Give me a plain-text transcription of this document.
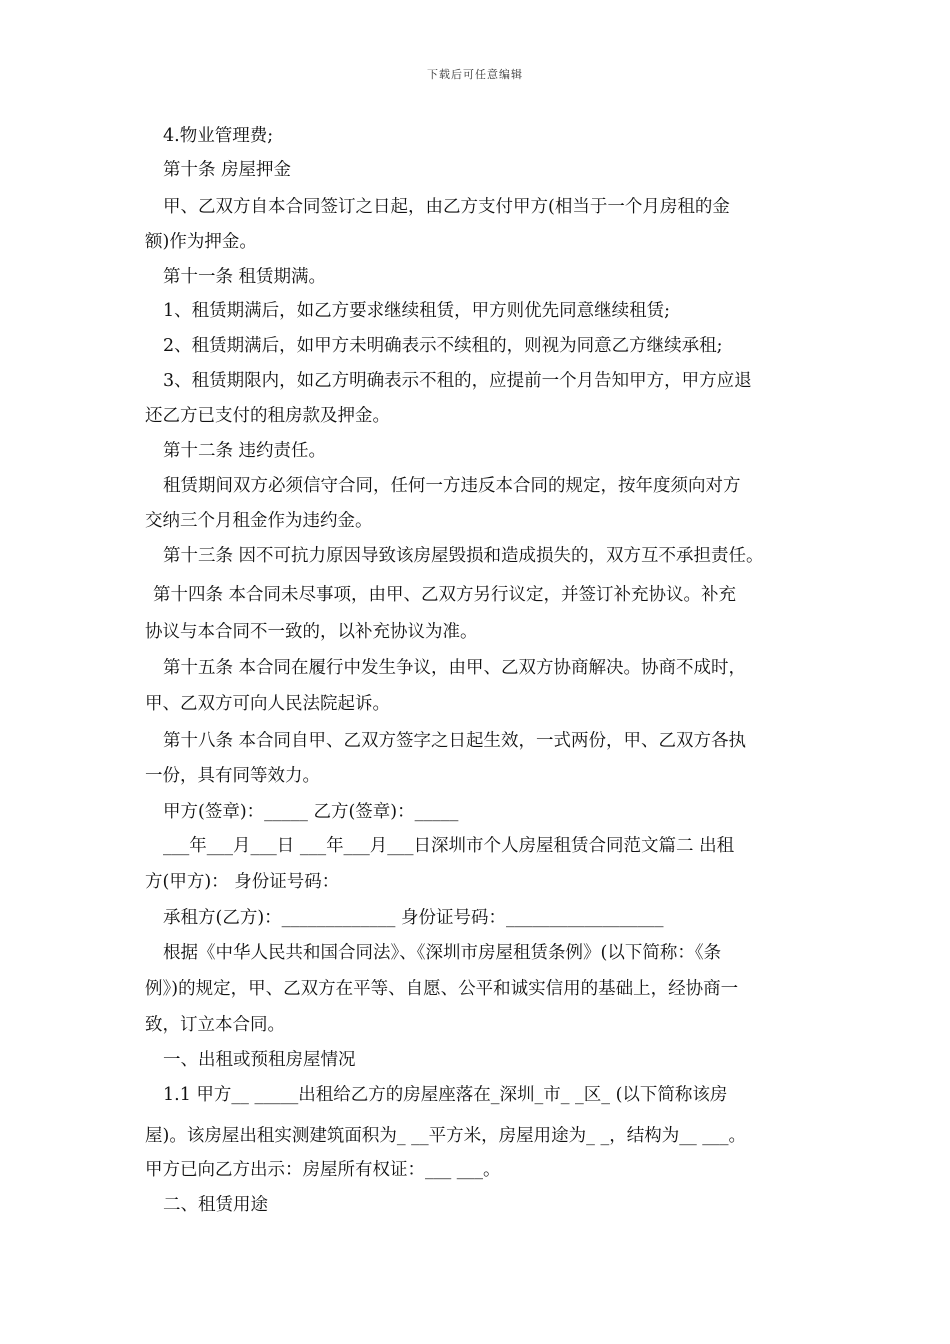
下载后可任意编辑
4.物业管理费;
第十条 房屋押金
甲、乙双方自本合同签订之日起，由乙方支付甲方(相当于一个月房租的金
额)作为押金。
第十一条 租赁期满。
1、租赁期满后，如乙方要求继续租赁，甲方则优先同意继续租赁;
2、租赁期满后，如甲方未明确表示不续租的，则视为同意乙方继续承租;
3、租赁期限内，如乙方明确表示不租的，应提前一个月告知甲方，甲方应退
还乙方已支付的租房款及押金。
第十二条 违约责任。
租赁期间双方必须信守合同，任何一方违反本合同的规定，按年度须向对方
交纳三个月租金作为违约金。
第十三条 因不可抗力原因导致该房屋毁损和造成损失的，双方互不承担责任。
第十四条 本合同未尽事项，由甲、乙双方另行议定，并签订补充协议。补充
协议与本合同不一致的，以补充协议为准。
第十五条 本合同在履行中发生争议，由甲、乙双方协商解决。协商不成时，
甲、乙双方可向人民法院起诉。
第十八条 本合同自甲、乙双方签字之日起生效，一式两份，甲、乙双方各执
一份，具有同等效力。
甲方(签章)：_____ 乙方(签章)：_____
___年___月___日 ___年___月___日深圳市个人房屋租赁合同范文篇二 出租
方(甲方)： 身份证号码：
承租方(乙方)：_____________ 身份证号码：__________________
根据《中华人民共和国合同法》、《深圳市房屋租赁条例》(以下简称：《条
例》)的规定，甲、乙双方在平等、自愿、公平和诚实信用的基础上，经协商一
致，订立本合同。
一、出租或预租房屋情况
1.1 甲方__ _____出租给乙方的房屋座落在_深圳_市_ _区_ (以下简称该房
屋)。该房屋出租实测建筑面积为_ __平方米，房屋用途为_ _，结构为__ ___。
甲方已向乙方出示：房屋所有权证：___ ___。
二、租赁用途
